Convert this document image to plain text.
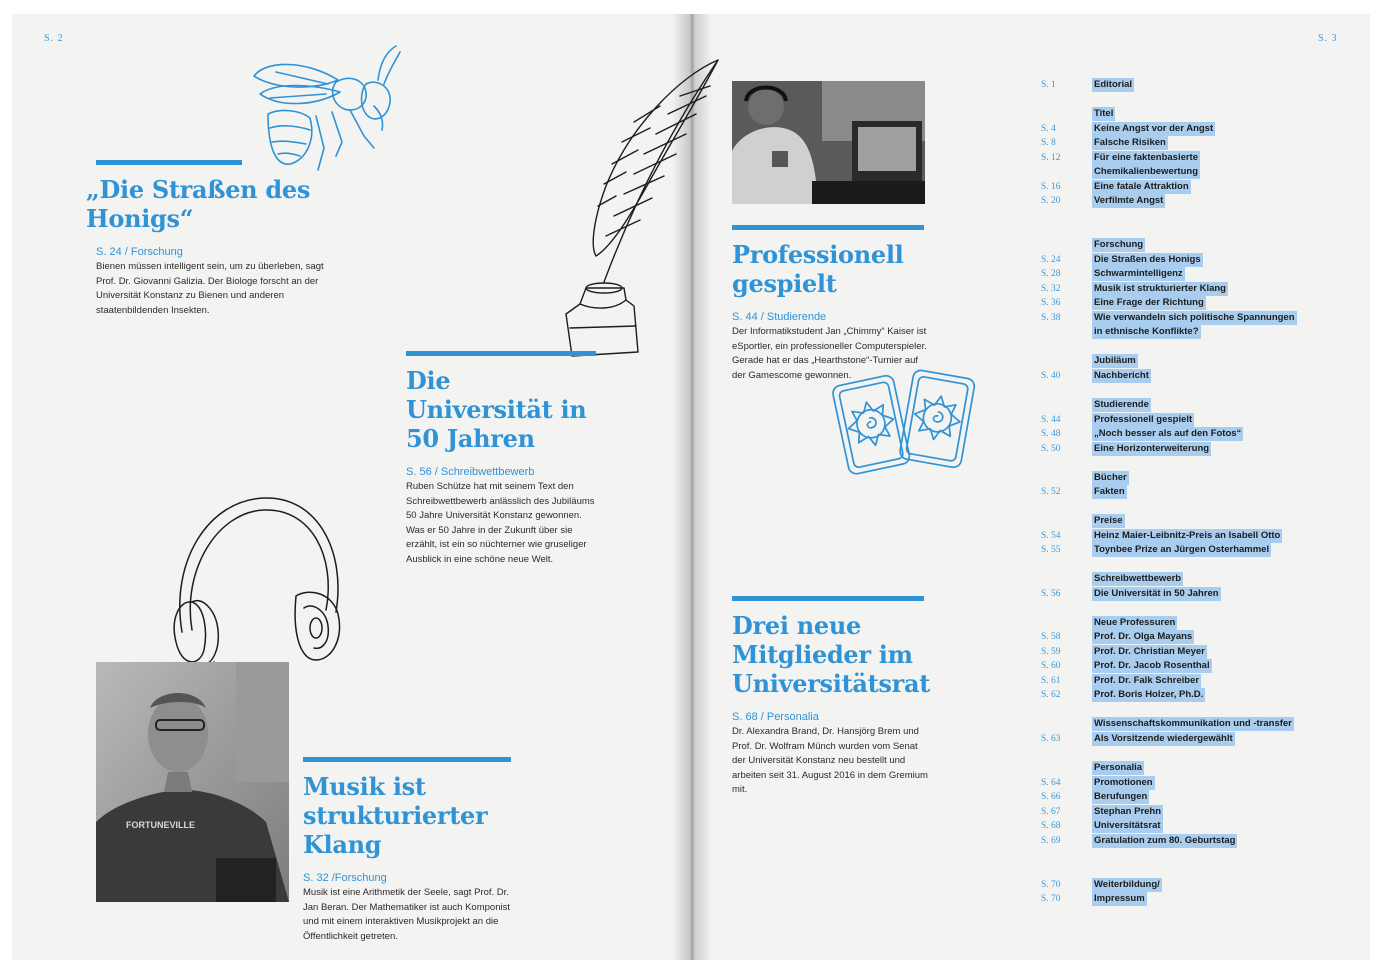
S. 2	S. 3
„Die Straßen des Honigs“
S. 24 / Forschung
Bienen müssen intelligent sein, um zu überleben, sagt Prof. Dr. Giovanni Galizia. Der Biologe forscht an der Universität Konstanz zu Bienen und anderen staatenbildenden Insekten.
Die Universität in 50 Jahren
S. 56 / Schreibwettbewerb
Ruben Schütze hat mit seinem Text den Schreibwettbewerb anlässlich des Jubiläums 50 Jahre Universität Konstanz gewonnen. Was er 50 Jahre in der Zukunft über sie erzählt, ist ein so nüchterner wie gruseliger Ausblick in eine schöne neue Welt.
FORTUNEVILLE
Musik ist strukturierter Klang
S. 32 /Forschung
Musik ist eine Arithmetik der Seele, sagt Prof. Dr. Jan Beran. Der Mathematiker ist auch Komponist und mit einem interaktiven Musikprojekt an die Öffentlichkeit getreten.
Professionell gespielt
S. 44 / Studierende
Der Informatikstudent Jan „Chimmy“ Kaiser ist eSportler, ein professioneller Computerspieler. Gerade hat er das „Hearthstone“-Turnier auf der Gamescome gewonnen.
Drei neue Mitglieder im Universitätsrat
S. 68 / Personalia
Dr. Alexandra Brand, Dr. Hansjörg Brem und Prof. Dr. Wolfram Münch wurden vom Senat der Universität Konstanz neu bestellt und arbeiten seit 31. August 2016 in dem Gremium mit.
S. 1	Editorial
Titel
S. 4	Keine Angst vor der Angst
S. 8	Falsche Risiken
S. 12	Für eine faktenbasierte
Chemikalienbewertung
S. 16	Eine fatale Attraktion
S. 20	Verfilmte Angst
Forschung
S. 24	Die Straßen des Honigs
S. 28	Schwarmintelligenz
S. 32	Musik ist strukturierter Klang
S. 36	Eine Frage der Richtung
S. 38	Wie verwandeln sich politische Spannungen
in ethnische Konflikte?
Jubiläum
S. 40	Nachbericht
Studierende
S. 44	Professionell gespielt
S. 48	„Noch besser als auf den Fotos“
S. 50	Eine Horizonterweiterung
Bücher
S. 52	Fakten
Preise
S. 54	Heinz Maier-Leibnitz-Preis an Isabell Otto
S. 55	Toynbee Prize an Jürgen Osterhammel
Schreibwettbewerb
S. 56	Die Universität in 50 Jahren
Neue Professuren
S. 58	Prof. Dr. Olga Mayans
S. 59	Prof. Dr. Christian Meyer
S. 60	Prof. Dr. Jacob Rosenthal
S. 61	Prof. Dr. Falk Schreiber
S. 62	Prof. Boris Holzer, Ph.D.
Wissenschaftskommunikation und -transfer
S. 63	Als Vorsitzende wiedergewählt
Personalia
S. 64	Promotionen
S. 66	Berufungen
S. 67	Stephan Prehn
S. 68	Universitätsrat
S. 69	Gratulation zum 80. Geburtstag
S. 70	Weiterbildung/
S. 70	Impressum
